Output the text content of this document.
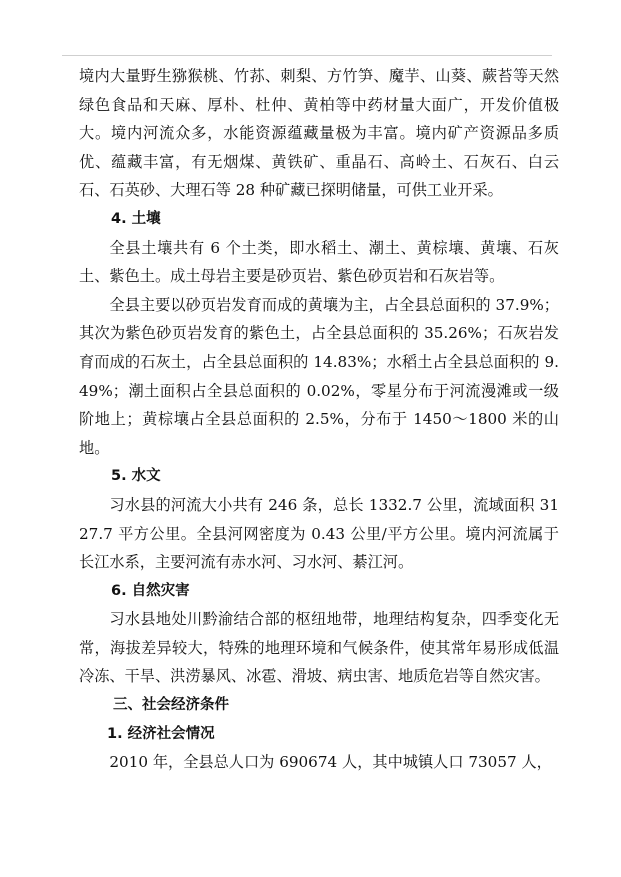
境内大量野生猕猴桃、竹荪、刺梨、方竹笋、魔芋、山葵、蕨苔等天然绿色食品和天麻、厚朴、杜仲、黄柏等中药材量大面广，开发价值极大。境内河流众多，水能资源蕴藏量极为丰富。境内矿产资源品多质优、蕴藏丰富，有无烟煤、黄铁矿、重晶石、高岭土、石灰石、白云石、石英砂、大理石等 28 种矿藏已探明储量，可供工业开采。

4. 土壤

全县土壤共有 6 个土类，即水稻土、潮土、黄棕壤、黄壤、石灰土、紫色土。成土母岩主要是砂页岩、紫色砂页岩和石灰岩等。

全县主要以砂页岩发育而成的黄壤为主，占全县总面积的 37.9%；其次为紫色砂页岩发育的紫色土，占全县总面积的 35.26%；石灰岩发育而成的石灰土，占全县总面积的 14.83%；水稻土占全县总面积的 9.49%；潮土面积占全县总面积的 0.02%，零星分布于河流漫滩或一级阶地上；黄棕壤占全县总面积的 2.5%，分布于 1450～1800 米的山地。

5. 水文

习水县的河流大小共有 246 条，总长 1332.7 公里，流域面积 3127.7 平方公里。全县河网密度为 0.43 公里/平方公里。境内河流属于长江水系，主要河流有赤水河、习水河、綦江河。

6. 自然灾害

习水县地处川黔渝结合部的枢纽地带，地理结构复杂，四季变化无常，海拔差异较大，特殊的地理环境和气候条件，使其常年易形成低温冷冻、干旱、洪涝暴风、冰雹、滑坡、病虫害、地质危岩等自然灾害。

三、社会经济条件

1. 经济社会情况

2010 年，全县总人口为 690674 人，其中城镇人口 73057 人，
